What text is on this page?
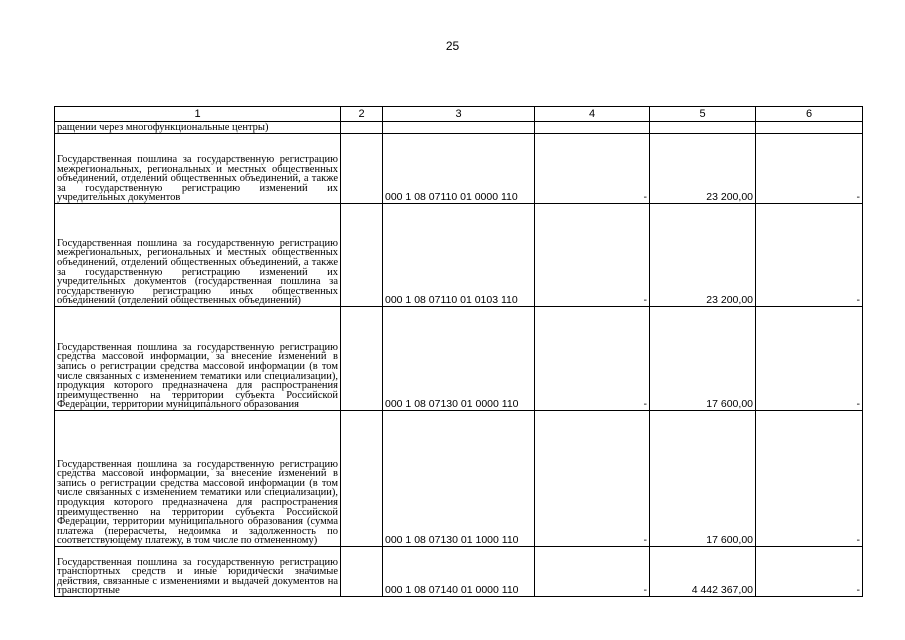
25
1	2	3	4	5	6
ращении через многофункциональные центры)					
Государственная пошлина за государственную регистрацию межрегиональных, региональных и местных общественных объединений, отделений общественных объединений, а также за государственную регистрацию изменений их учредительных документов		000 1 08 07110 01 0000 110	-	23 200,00	-
Государственная пошлина за государственную регистрацию межрегиональных, региональных и местных общественных объединений, отделений общественных объединений, а также за государственную регистрацию изменений их учредительных документов (государственная пошлина за государственную регистрацию иных общественных объединений (отделений общественных объединений)		000 1 08 07110 01 0103 110	-	23 200,00	-
Государственная пошлина за государственную регистрацию средства массовой информации, за внесение изменений в запись о регистрации средства массовой информации (в том числе связанных с изменением тематики или специализации), продукция которого предназначена для распространения преимущественно на территории субъекта Российской Федерации, территории муниципального образования		000 1 08 07130 01 0000 110	-	17 600,00	-
Государственная пошлина за государственную регистрацию средства массовой информации, за внесение изменений в запись о регистрации средства массовой информации (в том числе связанных с изменением тематики или специализации), продукция которого предназначена для распространения преимущественно на территории субъекта Российской Федерации, территории муниципального образования (сумма платежа (перерасчеты, недоимка и задолженность по соответствующему платежу, в том числе по отмененному)		000 1 08 07130 01 1000 110	-	17 600,00	-
Государственная пошлина за государственную регистрацию транспортных средств и иные юридически значимые действия, связанные с изменениями и выдачей документов на транспортные		000 1 08 07140 01 0000 110	-	4 442 367,00	-
